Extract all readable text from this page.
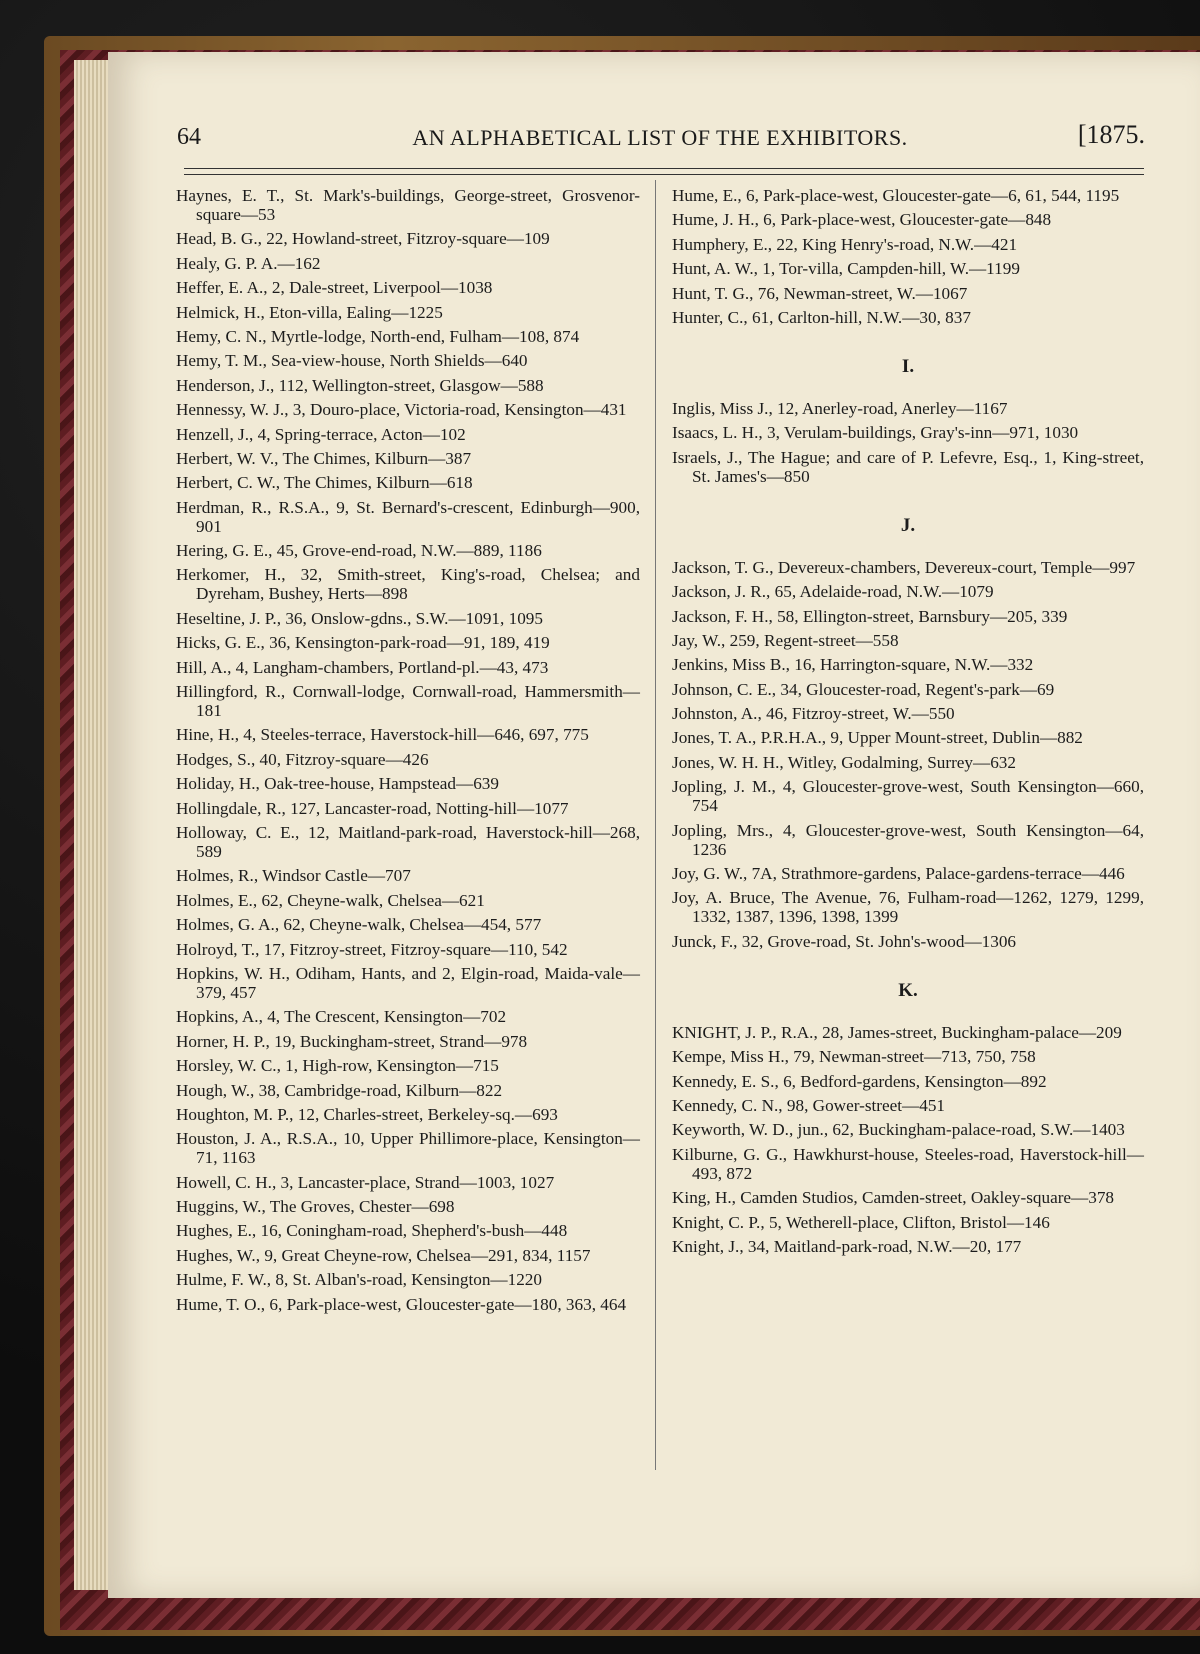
64	AN ALPHABETICAL LIST OF THE EXHIBITORS.	[1875.
Haynes, E. T., St. Mark's-buildings, George-street, Grosvenor-square—53
Head, B. G., 22, Howland-street, Fitzroy-square—109
Healy, G. P. A.—162
Heffer, E. A., 2, Dale-street, Liverpool—1038
Helmick, H., Eton-villa, Ealing—1225
Hemy, C. N., Myrtle-lodge, North-end, Fulham—108, 874
Hemy, T. M., Sea-view-house, North Shields—640
Henderson, J., 112, Wellington-street, Glasgow—588
Hennessy, W. J., 3, Douro-place, Victoria-road, Kensington—431
Henzell, J., 4, Spring-terrace, Acton—102
Herbert, W. V., The Chimes, Kilburn—387
Herbert, C. W., The Chimes, Kilburn—618
Herdman, R., R.S.A., 9, St. Bernard's-crescent, Edinburgh—900, 901
Hering, G. E., 45, Grove-end-road, N.W.—889, 1186
Herkomer, H., 32, Smith-street, King's-road, Chelsea; and Dyreham, Bushey, Herts—898
Heseltine, J. P., 36, Onslow-gdns., S.W.—1091, 1095
Hicks, G. E., 36, Kensington-park-road—91, 189, 419
Hill, A., 4, Langham-chambers, Portland-pl.—43, 473
Hillingford, R., Cornwall-lodge, Cornwall-road, Hammersmith—181
Hine, H., 4, Steeles-terrace, Haverstock-hill—646, 697, 775
Hodges, S., 40, Fitzroy-square—426
Holiday, H., Oak-tree-house, Hampstead—639
Hollingdale, R., 127, Lancaster-road, Notting-hill—1077
Holloway, C. E., 12, Maitland-park-road, Haverstock-hill—268, 589
Holmes, R., Windsor Castle—707
Holmes, E., 62, Cheyne-walk, Chelsea—621
Holmes, G. A., 62, Cheyne-walk, Chelsea—454, 577
Holroyd, T., 17, Fitzroy-street, Fitzroy-square—110, 542
Hopkins, W. H., Odiham, Hants, and 2, Elgin-road, Maida-vale—379, 457
Hopkins, A., 4, The Crescent, Kensington—702
Horner, H. P., 19, Buckingham-street, Strand—978
Horsley, W. C., 1, High-row, Kensington—715
Hough, W., 38, Cambridge-road, Kilburn—822
Houghton, M. P., 12, Charles-street, Berkeley-sq.—693
Houston, J. A., R.S.A., 10, Upper Phillimore-place, Kensington—71, 1163
Howell, C. H., 3, Lancaster-place, Strand—1003, 1027
Huggins, W., The Groves, Chester—698
Hughes, E., 16, Coningham-road, Shepherd's-bush—448
Hughes, W., 9, Great Cheyne-row, Chelsea—291, 834, 1157
Hulme, F. W., 8, St. Alban's-road, Kensington—1220
Hume, T. O., 6, Park-place-west, Gloucester-gate—180, 363, 464
Hume, E., 6, Park-place-west, Gloucester-gate—6, 61, 544, 1195
Hume, J. H., 6, Park-place-west, Gloucester-gate—848
Humphery, E., 22, King Henry's-road, N.W.—421
Hunt, A. W., 1, Tor-villa, Campden-hill, W.—1199
Hunt, T. G., 76, Newman-street, W.—1067
Hunter, C., 61, Carlton-hill, N.W.—30, 837
I.
Inglis, Miss J., 12, Anerley-road, Anerley—1167
Isaacs, L. H., 3, Verulam-buildings, Gray's-inn—971, 1030
Israels, J., The Hague; and care of P. Lefevre, Esq., 1, King-street, St. James's—850
J.
Jackson, T. G., Devereux-chambers, Devereux-court, Temple—997
Jackson, J. R., 65, Adelaide-road, N.W.—1079
Jackson, F. H., 58, Ellington-street, Barnsbury—205, 339
Jay, W., 259, Regent-street—558
Jenkins, Miss B., 16, Harrington-square, N.W.—332
Johnson, C. E., 34, Gloucester-road, Regent's-park—69
Johnston, A., 46, Fitzroy-street, W.—550
Jones, T. A., P.R.H.A., 9, Upper Mount-street, Dublin—882
Jones, W. H. H., Witley, Godalming, Surrey—632
Jopling, J. M., 4, Gloucester-grove-west, South Kensington—660, 754
Jopling, Mrs., 4, Gloucester-grove-west, South Kensington—64, 1236
Joy, G. W., 7A, Strathmore-gardens, Palace-gardens-terrace—446
Joy, A. Bruce, The Avenue, 76, Fulham-road—1262, 1279, 1299, 1332, 1387, 1396, 1398, 1399
Junck, F., 32, Grove-road, St. John's-wood—1306
K.
KNIGHT, J. P., R.A., 28, James-street, Buckingham-palace—209
Kempe, Miss H., 79, Newman-street—713, 750, 758
Kennedy, E. S., 6, Bedford-gardens, Kensington—892
Kennedy, C. N., 98, Gower-street—451
Keyworth, W. D., jun., 62, Buckingham-palace-road, S.W.—1403
Kilburne, G. G., Hawkhurst-house, Steeles-road, Haverstock-hill—493, 872
King, H., Camden Studios, Camden-street, Oakley-square—378
Knight, C. P., 5, Wetherell-place, Clifton, Bristol—146
Knight, J., 34, Maitland-park-road, N.W.—20, 177
